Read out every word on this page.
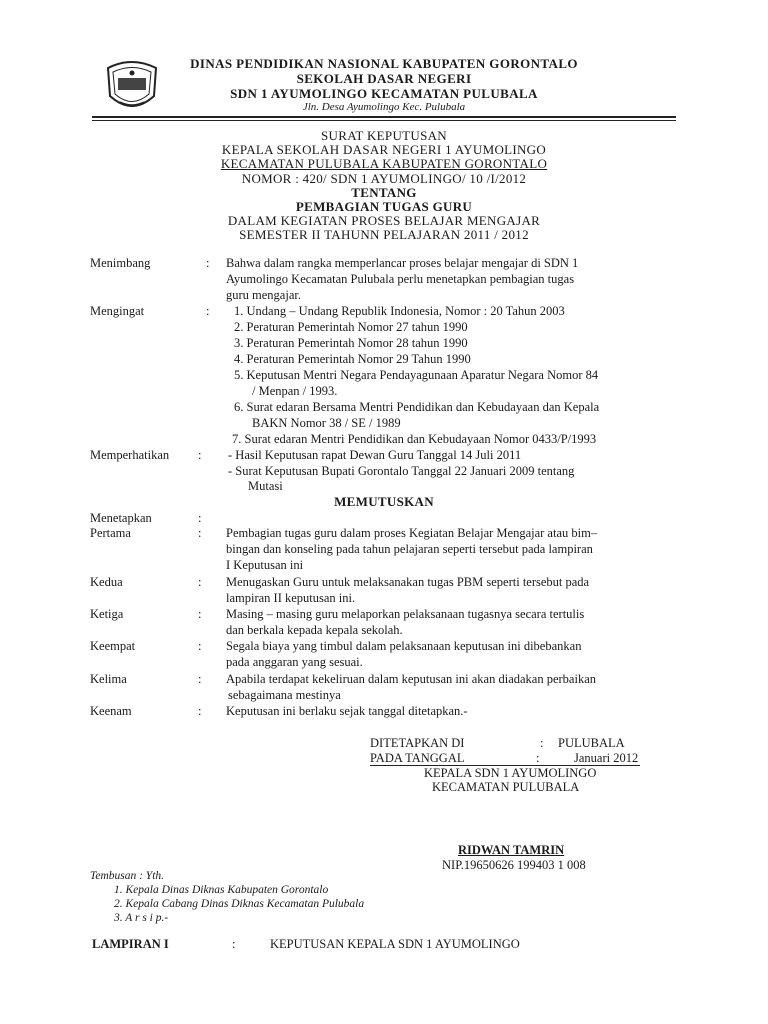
DINAS PENDIDIKAN NASIONAL KABUPATEN GORONTALO
SEKOLAH DASAR NEGERI
SDN 1 AYUMOLINGO KECAMATAN PULUBALA
Jln. Desa Ayumolingo Kec. Pulubala
SURAT KEPUTUSAN
KEPALA SEKOLAH DASAR NEGERI 1 AYUMOLINGO
KECAMATAN PULUBALA KABUPATEN GORONTALO
NOMOR : 420/ SDN 1 AYUMOLINGO/ 10 /I/2012
TENTANG
PEMBAGIAN TUGAS GURU
DALAM KEGIATAN PROSES BELAJAR MENGAJAR
SEMESTER II TAHUNN PELAJARAN 2011 / 2012
Menimbang	: Bahwa dalam rangka memperlancar proses belajar mengajar di SDN 1
Ayumolingo Kecamatan Pulubala perlu menetapkan pembagian tugas
guru mengajar.
Mengingat	: 1. Undang – Undang Republik Indonesia, Nomor : 20 Tahun 2003
2. Peraturan Pemerintah Nomor 27 tahun 1990
3. Peraturan Pemerintah Nomor 28 tahun 1990
4. Peraturan Pemerintah Nomor 29 Tahun 1990
5. Keputusan Mentri Negara Pendayagunaan Aparatur Negara Nomor 84
/ Menpan / 1993.
6. Surat edaran Bersama Mentri Pendidikan dan Kebudayaan dan Kepala
BAKN Nomor 38 / SE / 1989
7. Surat edaran Mentri Pendidikan dan Kebudayaan Nomor 0433/P/1993
Memperhatikan : - Hasil Keputusan rapat Dewan Guru Tanggal 14 Juli 2011
- Surat Keputusan Bupati Gorontalo Tanggal 22 Januari 2009 tentang
Mutasi
MEMUTUSKAN
Menetapkan	:
Pertama	: Pembagian tugas guru dalam proses Kegiatan Belajar Mengajar atau bim–
bingan dan konseling pada tahun pelajaran seperti tersebut pada lampiran
I Keputusan ini
Kedua	: Menugaskan Guru untuk melaksanakan tugas PBM seperti tersebut pada
lampiran II keputusan ini.
Ketiga	: Masing – masing guru melaporkan pelaksanaan tugasnya secara tertulis
dan berkala kepada kepala sekolah.
Keempat	: Segala biaya yang timbul dalam pelaksanaan keputusan ini dibebankan
pada anggaran yang sesuai.
Kelima	: Apabila terdapat kekeliruan dalam keputusan ini akan diadakan perbaikan
sebagaimana mestinya
Keenam	: Keputusan ini berlaku sejak tanggal ditetapkan.-
DITETAPKAN DI	: PULUBALA
PADA TANGGAL	:	Januari 2012
KEPALA SDN 1 AYUMOLINGO
KECAMATAN PULUBALA
RIDWAN TAMRIN
NIP.19650626 199403 1 008
Tembusan : Yth.
1. Kepala Dinas Diknas Kabupaten Gorontalo
2. Kepala Cabang Dinas Diknas Kecamatan Pulubala
3. A r s i p.-
LAMPIRAN I	:	KEPUTUSAN KEPALA SDN 1 AYUMOLINGO
